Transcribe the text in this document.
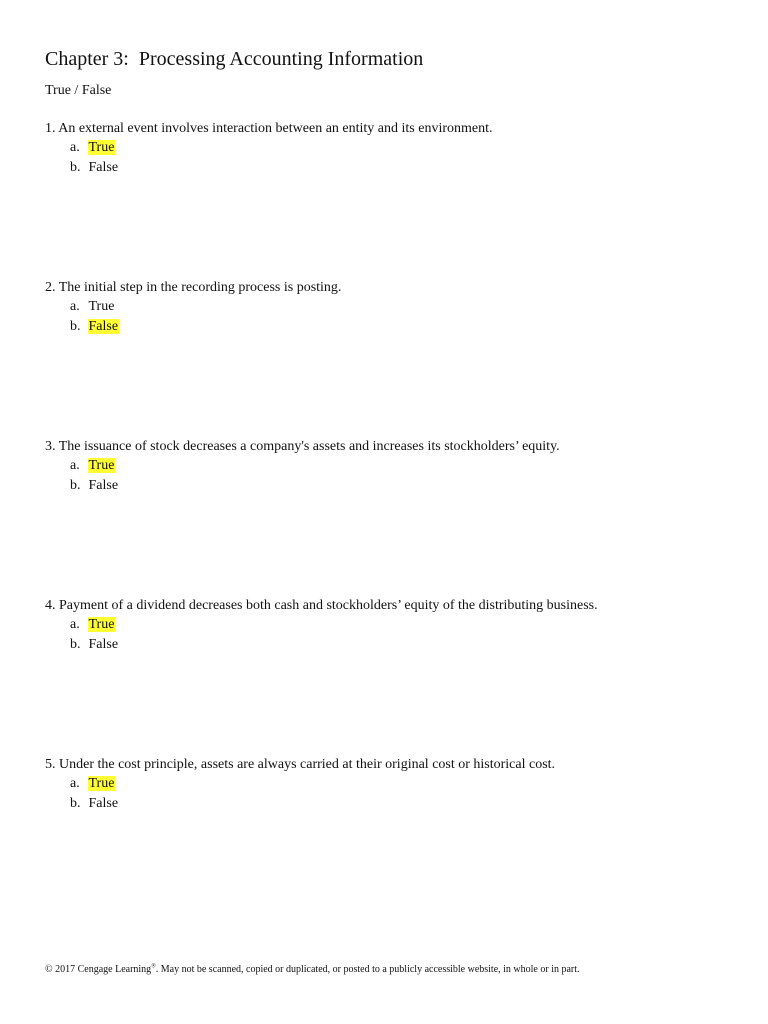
Chapter 3:  Processing Accounting Information

True / False

1. An external event involves interaction between an entity and its environment.

a. True

b. False

2. The initial step in the recording process is posting.

a. True

b. False

3. The issuance of stock decreases a company's assets and increases its stockholders’ equity.

a. True

b. False

4. Payment of a dividend decreases both cash and stockholders’ equity of the distributing business.

a. True

b. False

5. Under the cost principle, assets are always carried at their original cost or historical cost.

a. True

b. False

© 2017 Cengage Learning®. May not be scanned, copied or duplicated, or posted to a publicly accessible website, in whole or in part.
